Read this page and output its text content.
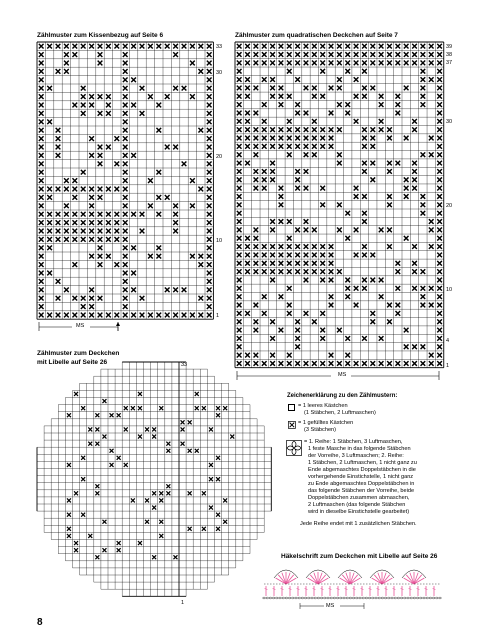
Zählmuster zum Kissenbezug auf Seite 6
33
30
20
10
1
MS
Zählmuster zum quadratischen Deckchen auf Seite 7
39
38
37
30
20
10
4
1
MS
Zählmuster zum Deckchen
mit Libelle auf Seite 26	33
1
Zeichenerklärung zu den Zählmustern:
= 1 leeres Kästchen
(1 Stäbchen, 2 Luftmaschen)
= 1 gefülltes Kästchen
(3 Stäbchen)
= 1. Reihe: 1 Stäbchen, 3 Luftmaschen,
1 feste Masche in das folgende Stäbchen
der Vorreihe, 3 Luftmaschen; 2. Reihe:
1 Stäbchen, 2 Luftmaschen, 1 nicht ganz zu
Ende abgemaschtes Doppelstäbchen in die
vorhergehende Einstichstelle, 1 nicht ganz
zu Ende abgemaschtes Doppelstäbchen in
das folgende Stäbchen der Vorreihe, beide
Doppelstäbchen zusammen abmaschen,
2 Luftmaschen (das folgende Stäbchen
wird in dieselbe Einstichstelle gearbeitet)
Jede Reihe endet mit 1 zusätzlichen Stäbchen.
Häkelschrift zum Deckchen mit Libelle auf Seite 26
MS
8
